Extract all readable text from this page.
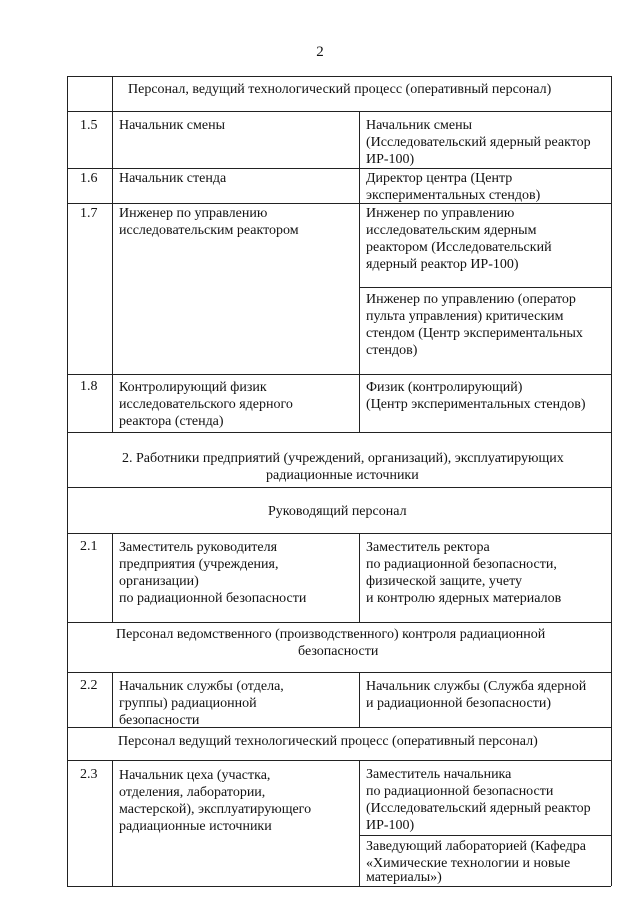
2
Персонал, ведущий технологический процесс (оперативный персонал)
1.5 Начальник смены	Начальник смены
(Исследовательский ядерный реактор
ИР-100)
1.6 Начальник стенда	Директор центра (Центр
экспериментальных стендов)
1.7 Инженер по управлению
исследовательским реактором
Инженер по управлению
исследовательским ядерным
реактором (Исследовательский
ядерный реактор ИР-100)
Инженер по управлению (оператор
пульта управления) критическим
стендом (Центр экспериментальных
стендов)
1.8 Контролирующий физик
исследовательского ядерного
реактора (стенда)
Физик (контролирующий)
(Центр экспериментальных стендов)
2. Работники предприятий (учреждений, организаций), эксплуатирующих
радиационные источники
Руководящий персонал
2.1 Заместитель руководителя
предприятия (учреждения,
организации)
по радиационной безопасности
Заместитель ректора
по радиационной безопасности,
физической защите, учету
и контролю ядерных материалов
Персонал ведомственного (производственного) контроля радиационной
безопасности
2.2 Начальник службы (отдела,
группы) радиационной
безопасности
Начальник службы (Служба ядерной
и радиационной безопасности)
Персонал ведущий технологический процесс (оперативный персонал)
2.3 Начальник цеха (участка,
отделения, лаборатории,
мастерской), эксплуатирующего
радиационные источники
Заместитель начальника
по радиационной безопасности
(Исследовательский ядерный реактор
ИР-100)
Заведующий лабораторией (Кафедра
«Химические технологии и новые
материалы»)
